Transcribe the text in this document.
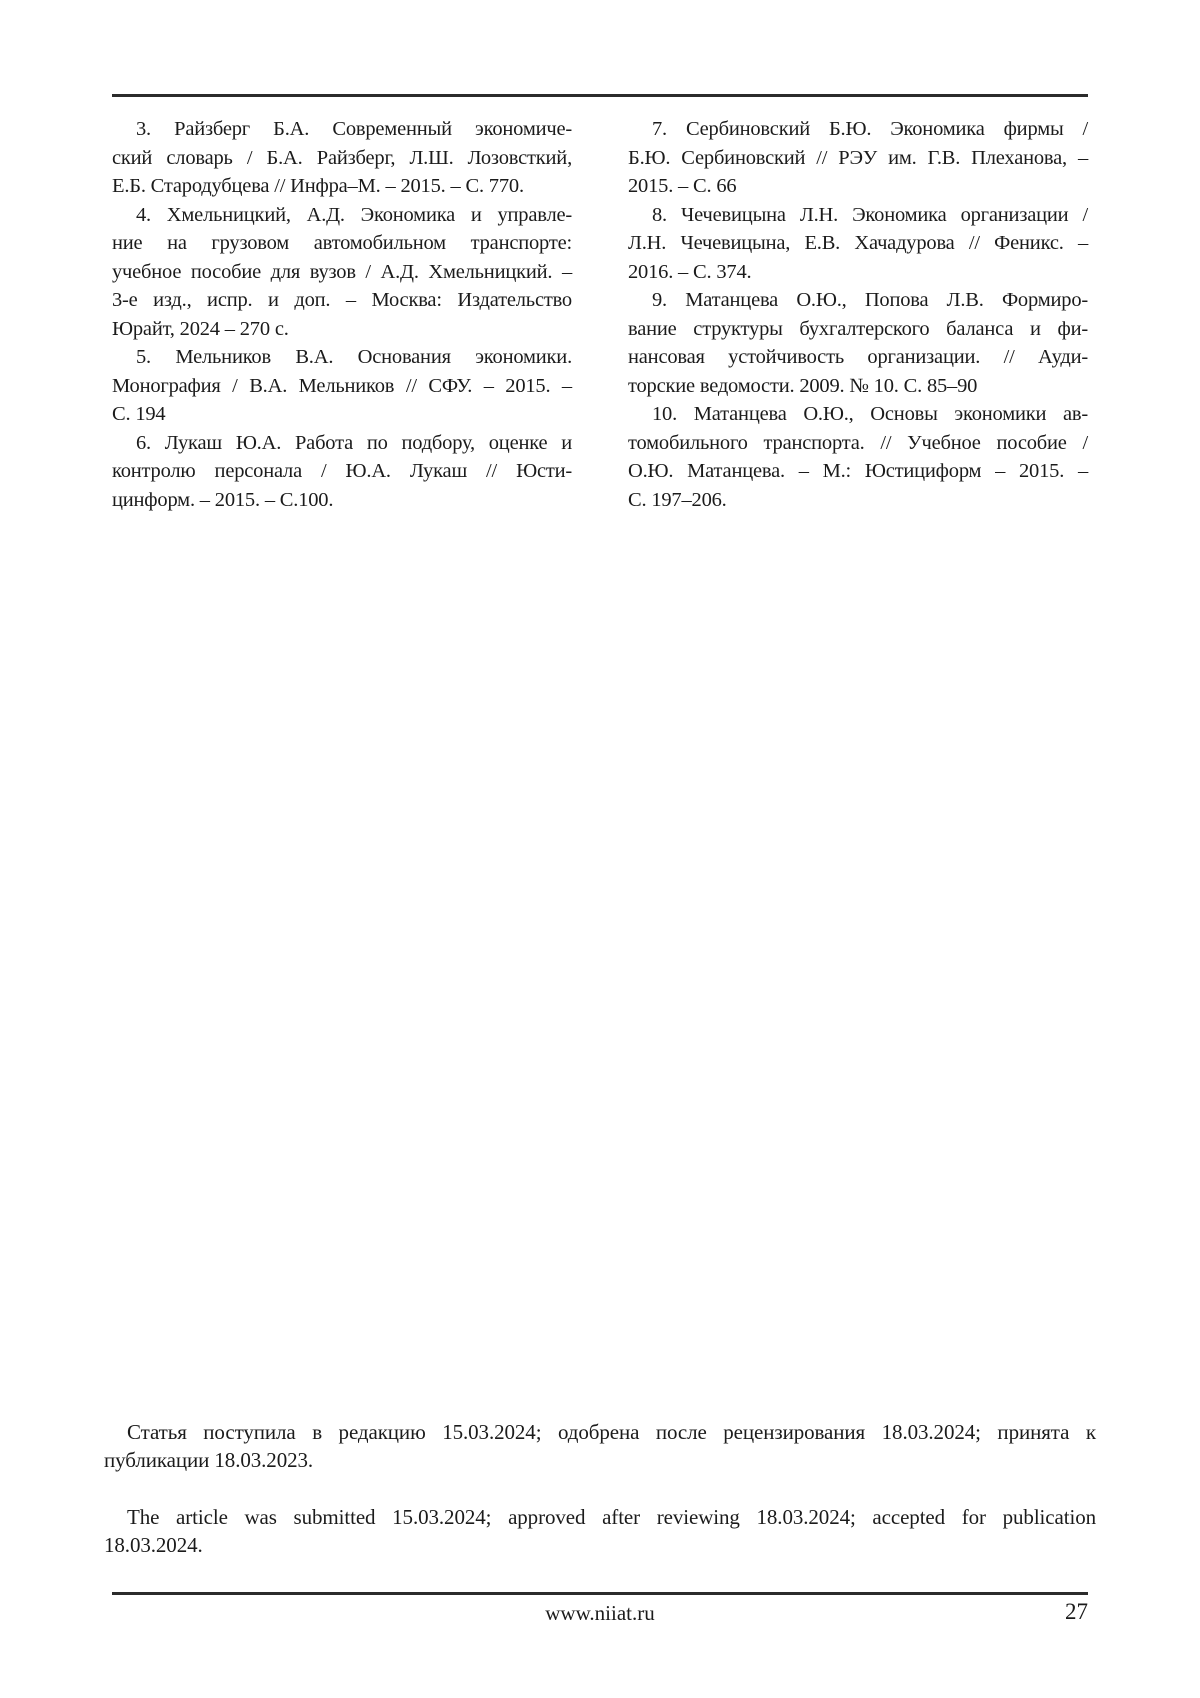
3. Райзберг Б.А. Современный экономиче-
ский словарь / Б.А. Райзберг, Л.Ш. Лозовсткий,
Е.Б. Стародубцева // Инфра–М. – 2015. – С. 770.
4. Хмельницкий, А.Д. Экономика и управле-
ние на грузовом автомобильном транспорте:
учебное пособие для вузов / А.Д. Хмельницкий. –
3-е изд., испр. и доп. – Москва: Издательство
Юрайт, 2024 – 270 с.
5. Мельников В.А. Основания экономики.
Монография / В.А. Мельников // СФУ. – 2015. –
С. 194
6. Лукаш Ю.А. Работа по подбору, оценке и
контролю персонала / Ю.А. Лукаш // Юсти-
цинформ. – 2015. – С.100.
7. Сербиновский Б.Ю. Экономика фирмы /
Б.Ю. Сербиновский // РЭУ им. Г.В. Плеханова, –
2015. – С. 66
8. Чечевицына Л.Н. Экономика организации /
Л.Н. Чечевицына, Е.В. Хачадурова // Феникс. –
2016. – С. 374.
9. Матанцева О.Ю., Попова Л.В. Формиро-
вание структуры бухгалтерского баланса и фи-
нансовая устойчивость организации. // Ауди-
торские ведомости. 2009. № 10. С. 85–90
10. Матанцева О.Ю., Основы экономики ав-
томобильного транспорта. // Учебное пособие /
О.Ю. Матанцева. – М.: Юстициформ – 2015. –
С. 197–206.
Статья поступила в редакцию 15.03.2024; одобрена после рецензирования 18.03.2024; принята к
публикации 18.03.2023.
The article was submitted 15.03.2024; approved after reviewing 18.03.2024; accepted for publication
18.03.2024.
www.niiat.ru	27
